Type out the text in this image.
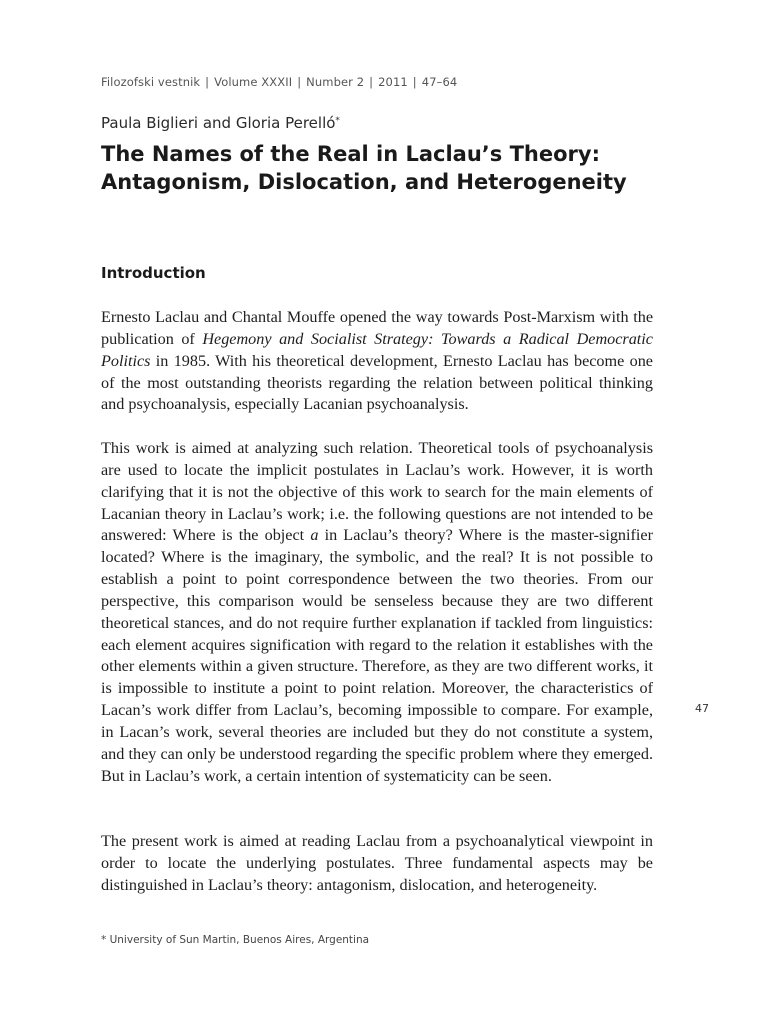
Filozofski vestnik | Volume XXXII | Number 2 | 2011 | 47–64
Paula Biglieri and Gloria Perelló*
The Names of the Real in Laclau’s Theory:
Antagonism, Dislocation, and Heterogeneity
Introduction

Ernesto Laclau and Chantal Mouffe opened the way towards Post-Marxism with the publication of Hegemony and Socialist Strategy: Towards a Radical Democratic Politics in 1985. With his theoretical development, Ernesto Laclau has become one of the most outstanding theorists regarding the relation between political thinking and psychoanalysis, especially Lacanian psychoanalysis.

This work is aimed at analyzing such relation. Theoretical tools of psychoanalysis are used to locate the implicit postulates in Laclau’s work. However, it is worth clarifying that it is not the objective of this work to search for the main elements of Lacanian theory in Laclau’s work; i.e. the following questions are not intended to be answered: Where is the object a in Laclau’s theory? Where is the master-signifier located? Where is the imaginary, the symbolic, and the real? It is not possible to establish a point to point correspondence between the two theories. From our perspective, this comparison would be senseless because they are two different theoretical stances, and do not require further explanation if tackled from linguistics: each element acquires signification with regard to the relation it establishes with the other elements within a given structure. Therefore, as they are two different works, it is impossible to institute a point to point relation. Moreover, the characteristics of Lacan’s work differ from Laclau’s, becoming impossible to compare. For example, in Lacan’s work, several theories are included but they do not constitute a system, and they can only be understood regarding the specific problem where they emerged. But in Laclau’s work, a certain intention of systematicity can be seen.

The present work is aimed at reading Laclau from a psychoanalytical viewpoint in order to locate the underlying postulates. Three fundamental aspects may be distinguished in Laclau’s theory: antagonism, dislocation, and heterogeneity.

47
* University of Sun Martin, Buenos Aires, Argentina
